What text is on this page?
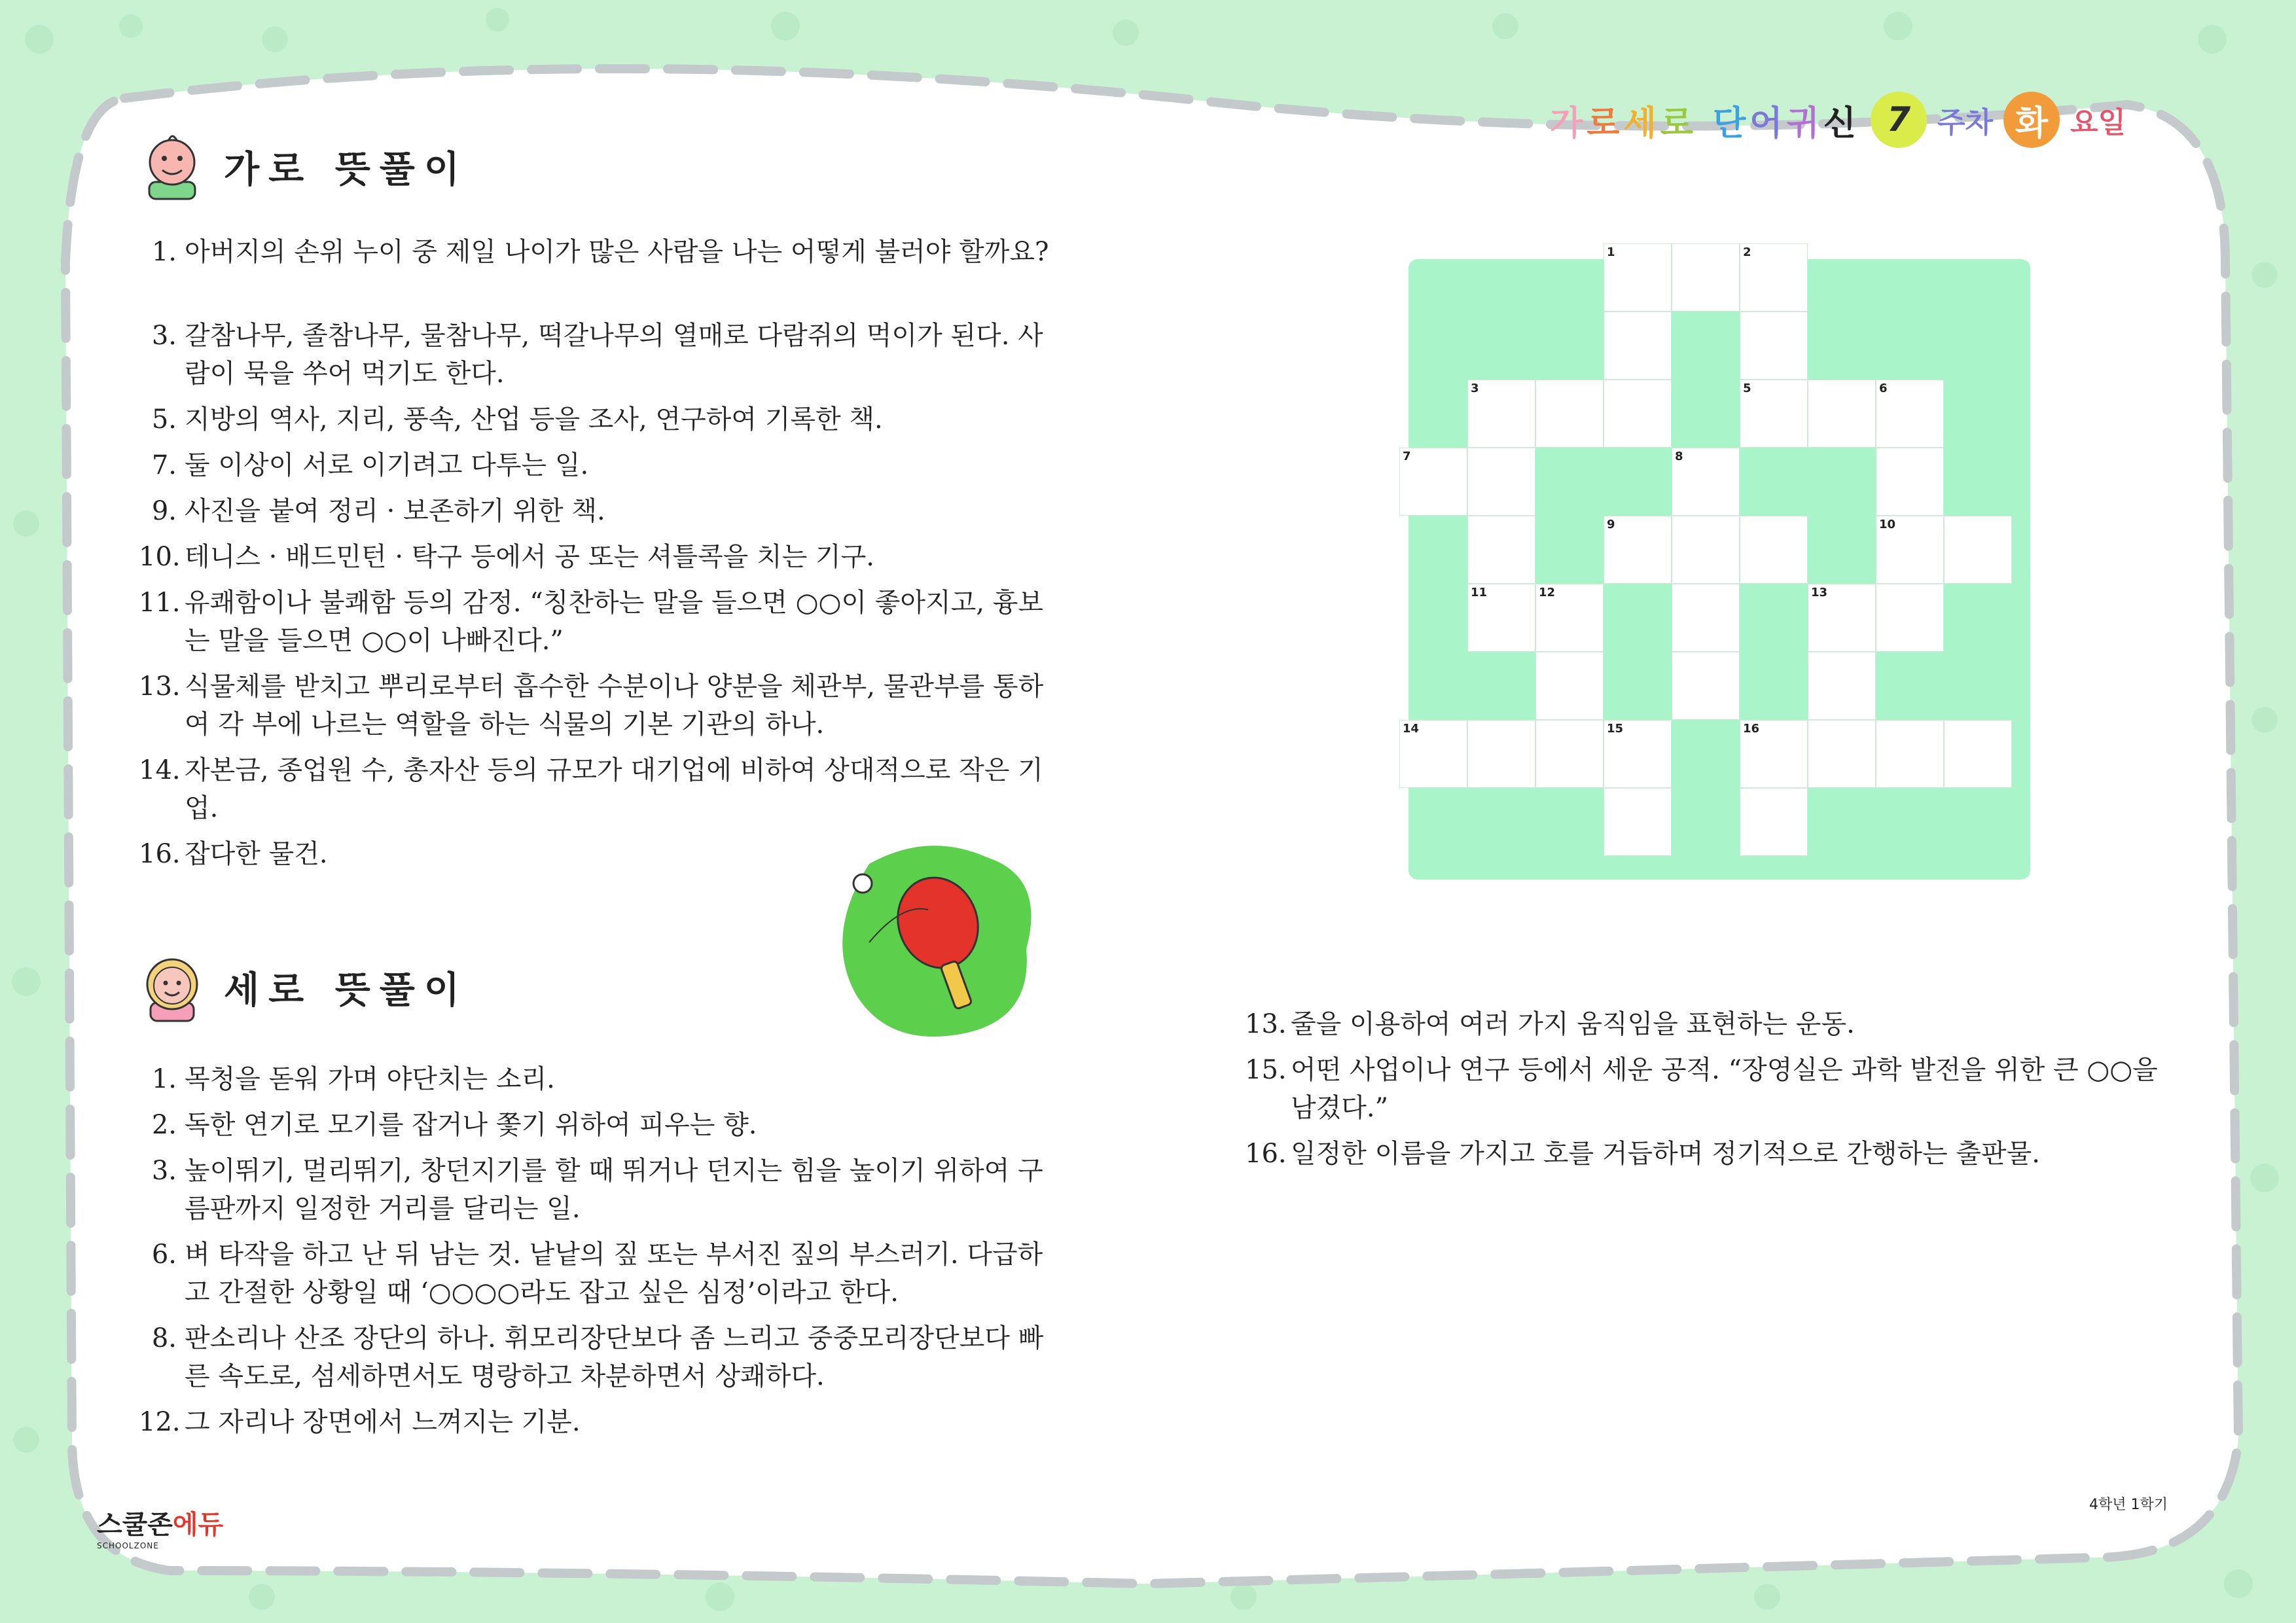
가로세로 단어귀신 7 주차 화 요일
가로 뜻풀이
1. 아버지의 손위 누이 중 제일 나이가 많은 사람을 나는 어떻게 불러야 할까요?
3. 갈참나무, 졸참나무, 물참나무, 떡갈나무의 열매로 다람쥐의 먹이가 된다. 사람이 묵을 쑤어 먹기도 한다.
5. 지방의 역사, 지리, 풍속, 산업 등을 조사, 연구하여 기록한 책.
7. 둘 이상이 서로 이기려고 다투는 일.
9. 사진을 붙여 정리 · 보존하기 위한 책.
10. 테니스 · 배드민턴 · 탁구 등에서 공 또는 셔틀콕을 치는 기구.
11. 유쾌함이나 불쾌함 등의 감정. “칭찬하는 말을 들으면 ○○이 좋아지고, 흉보는 말을 들으면 ○○이 나빠진다.”
13. 식물체를 받치고 뿌리로부터 흡수한 수분이나 양분을 체관부, 물관부를 통하여 각 부에 나르는 역할을 하는 식물의 기본 기관의 하나.
14. 자본금, 종업원 수, 총자산 등의 규모가 대기업에 비하여 상대적으로 작은 기업.
16. 잡다한 물건.
세로 뜻풀이
1. 목청을 돋워 가며 야단치는 소리.
2. 독한 연기로 모기를 잡거나 쫓기 위하여 피우는 향.
3. 높이뛰기, 멀리뛰기, 창던지기를 할 때 뛰거나 던지는 힘을 높이기 위하여 구름판까지 일정한 거리를 달리는 일.
6. 벼 타작을 하고 난 뒤 남는 것. 낱낱의 짚 또는 부서진 짚의 부스러기. 다급하고 간절한 상황일 때 ‘○○○○라도 잡고 싶은 심정’이라고 한다.
8. 판소리나 산조 장단의 하나. 휘모리장단보다 좀 느리고 중중모리장단보다 빠른 속도로, 섬세하면서도 명랑하고 차분하면서 상쾌하다.
12. 그 자리나 장면에서 느껴지는 기분.
13. 줄을 이용하여 여러 가지 움직임을 표현하는 운동.
15. 어떤 사업이나 연구 등에서 세운 공적. “장영실은 과학 발전을 위한 큰 ○○을 남겼다.”
16. 일정한 이름을 가지고 호를 거듭하며 정기적으로 간행하는 출판물.
1	2
3	5	6
7	8
9	10
11	12	13
14	15	16
스쿨존에듀
SCHOOLZONE
4학년 1학기
